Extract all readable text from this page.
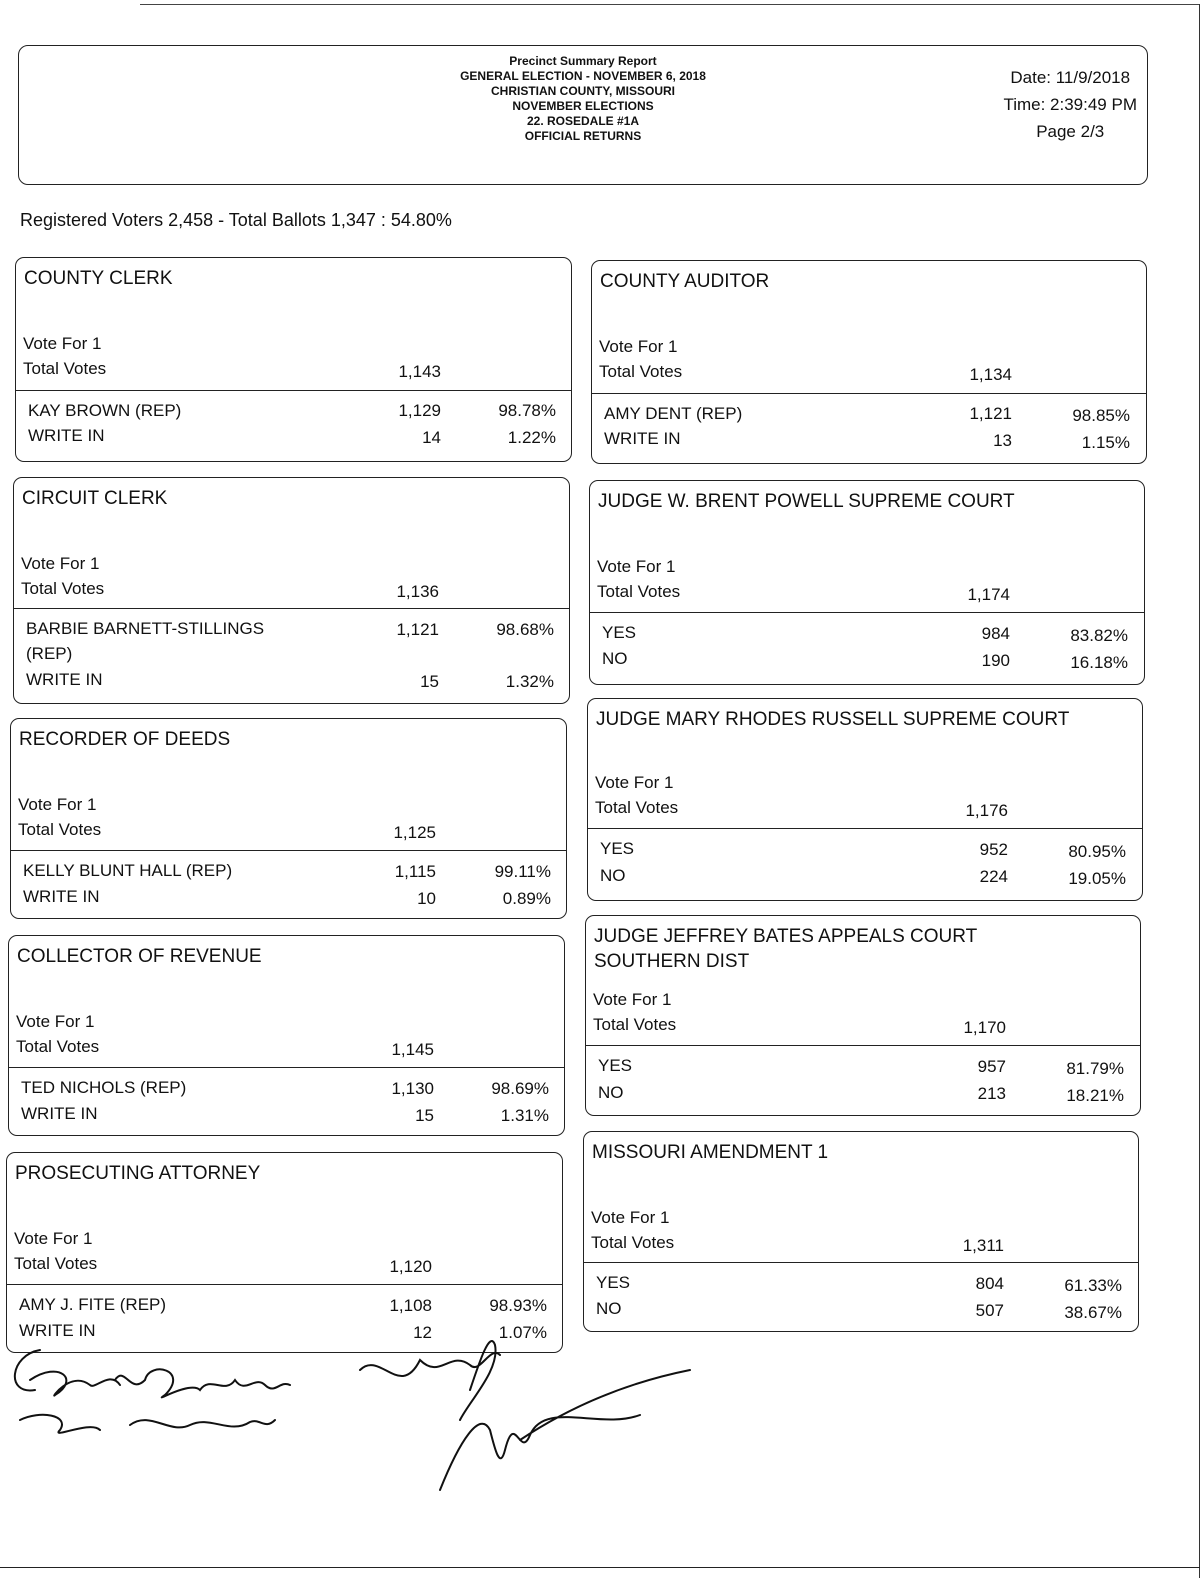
Precinct Summary Report
GENERAL ELECTION - NOVEMBER 6, 2018
CHRISTIAN COUNTY, MISSOURI
NOVEMBER ELECTIONS
22. ROSEDALE #1A
OFFICIAL RETURNS
Date: 11/9/2018
Time: 2:39:49 PM
Page 2/3
Registered Voters 2,458 - Total Ballots 1,347 : 54.80%
COUNTY CLERK
Vote For 1
Total Votes	1,143
KAY BROWN (REP)	1,129	98.78%
WRITE IN	14	1.22%
CIRCUIT CLERK
Vote For 1
Total Votes	1,136
BARBIE BARNETT-STILLINGS
(REP)
1,121	98.68%
WRITE IN	15	1.32%
RECORDER OF DEEDS
Vote For 1
Total Votes	1,125
KELLY BLUNT HALL (REP)	1,115	99.11%
WRITE IN	10	0.89%
COLLECTOR OF REVENUE
Vote For 1
Total Votes	1,145
TED NICHOLS (REP)	1,130	98.69%
WRITE IN	15	1.31%
PROSECUTING ATTORNEY
Vote For 1
Total Votes	1,120
AMY J. FITE (REP)	1,108	98.93%
WRITE IN	12	1.07%
COUNTY AUDITOR
Vote For 1
Total Votes	1,134
AMY DENT (REP)	1,121	98.85%
WRITE IN	13	1.15%
JUDGE W. BRENT POWELL SUPREME COURT
Vote For 1
Total Votes	1,174
YES	984	83.82%
NO	190	16.18%
JUDGE MARY RHODES RUSSELL SUPREME COURT
Vote For 1
Total Votes	1,176
YES	952	80.95%
NO	224	19.05%
JUDGE JEFFREY BATES APPEALS COURT
SOUTHERN DIST
Vote For 1
Total Votes	1,170
YES	957	81.79%
NO	213	18.21%
MISSOURI AMENDMENT 1
Vote For 1
Total Votes	1,311
YES	804	61.33%
NO	507	38.67%
